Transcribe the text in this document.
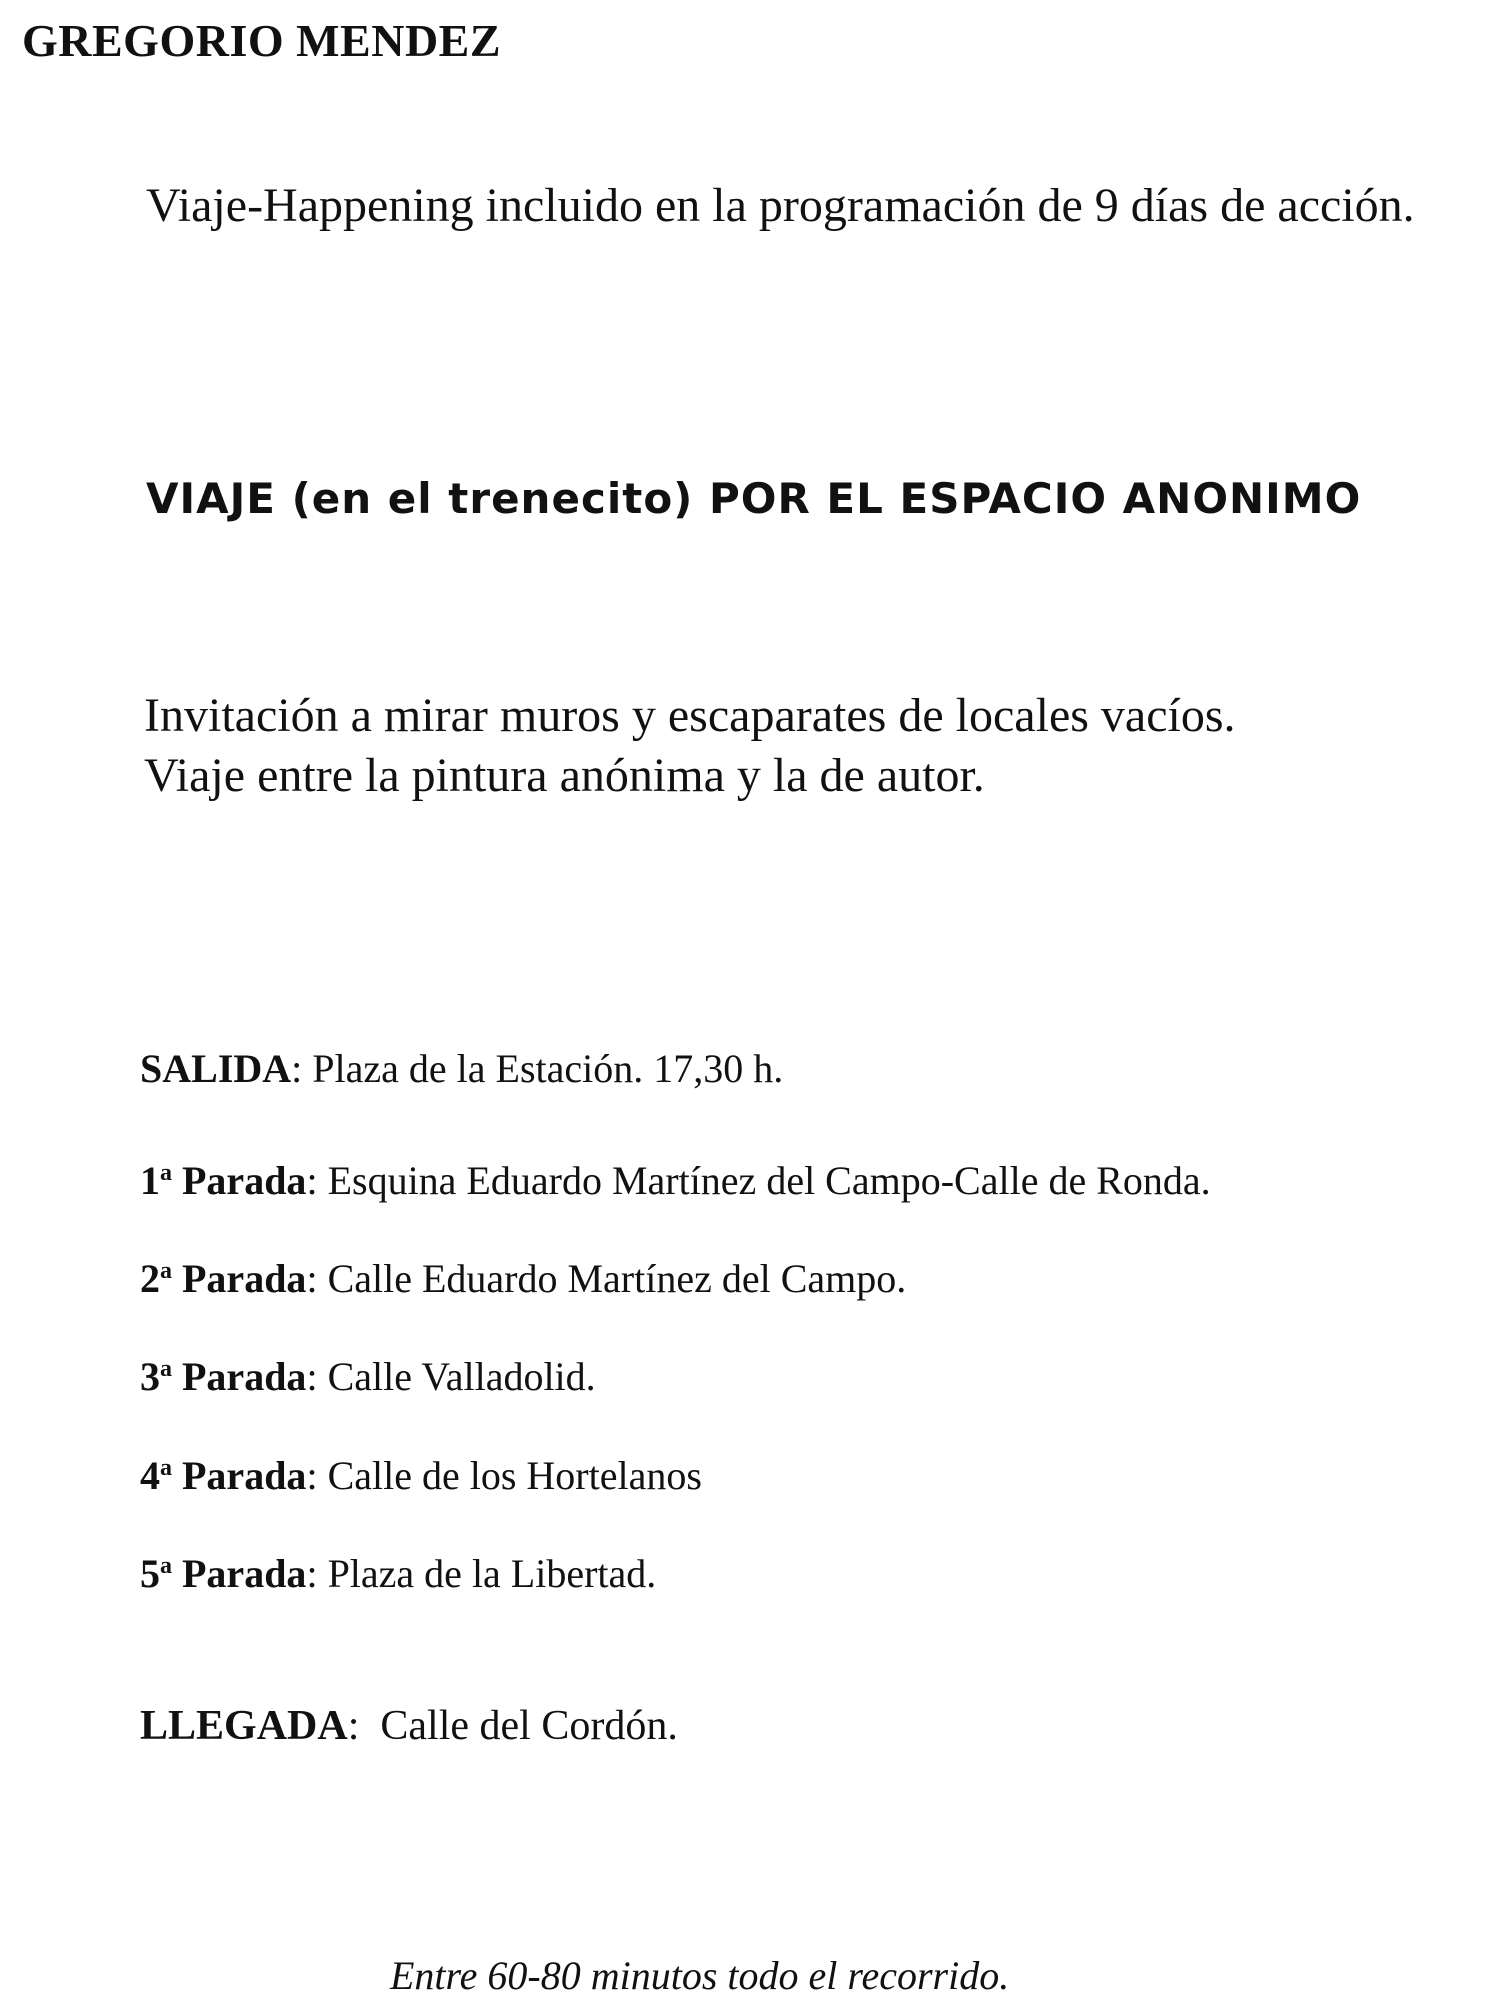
GREGORIO MENDEZ
Viaje-Happening incluido en la programación de 9 días de acción.
VIAJE (en el trenecito) POR EL ESPACIO ANONIMO
Invitación a mirar muros y escaparates de locales vacíos.
Viaje entre la pintura anónima y la de autor.
SALIDA: Plaza de la Estación. 17,30 h.
1$^a$ Parada: Esquina Eduardo Martínez del Campo-Calle de Ronda.
2$^a$ Parada: Calle Eduardo Martínez del Campo.
3$^a$ Parada: Calle Valladolid.
4$^a$ Parada: Calle de los Hortelanos
5$^a$ Parada: Plaza de la Libertad.
LLEGADA:  Calle del Cordón.
Entre 60-80 minutos todo el recorrido.
